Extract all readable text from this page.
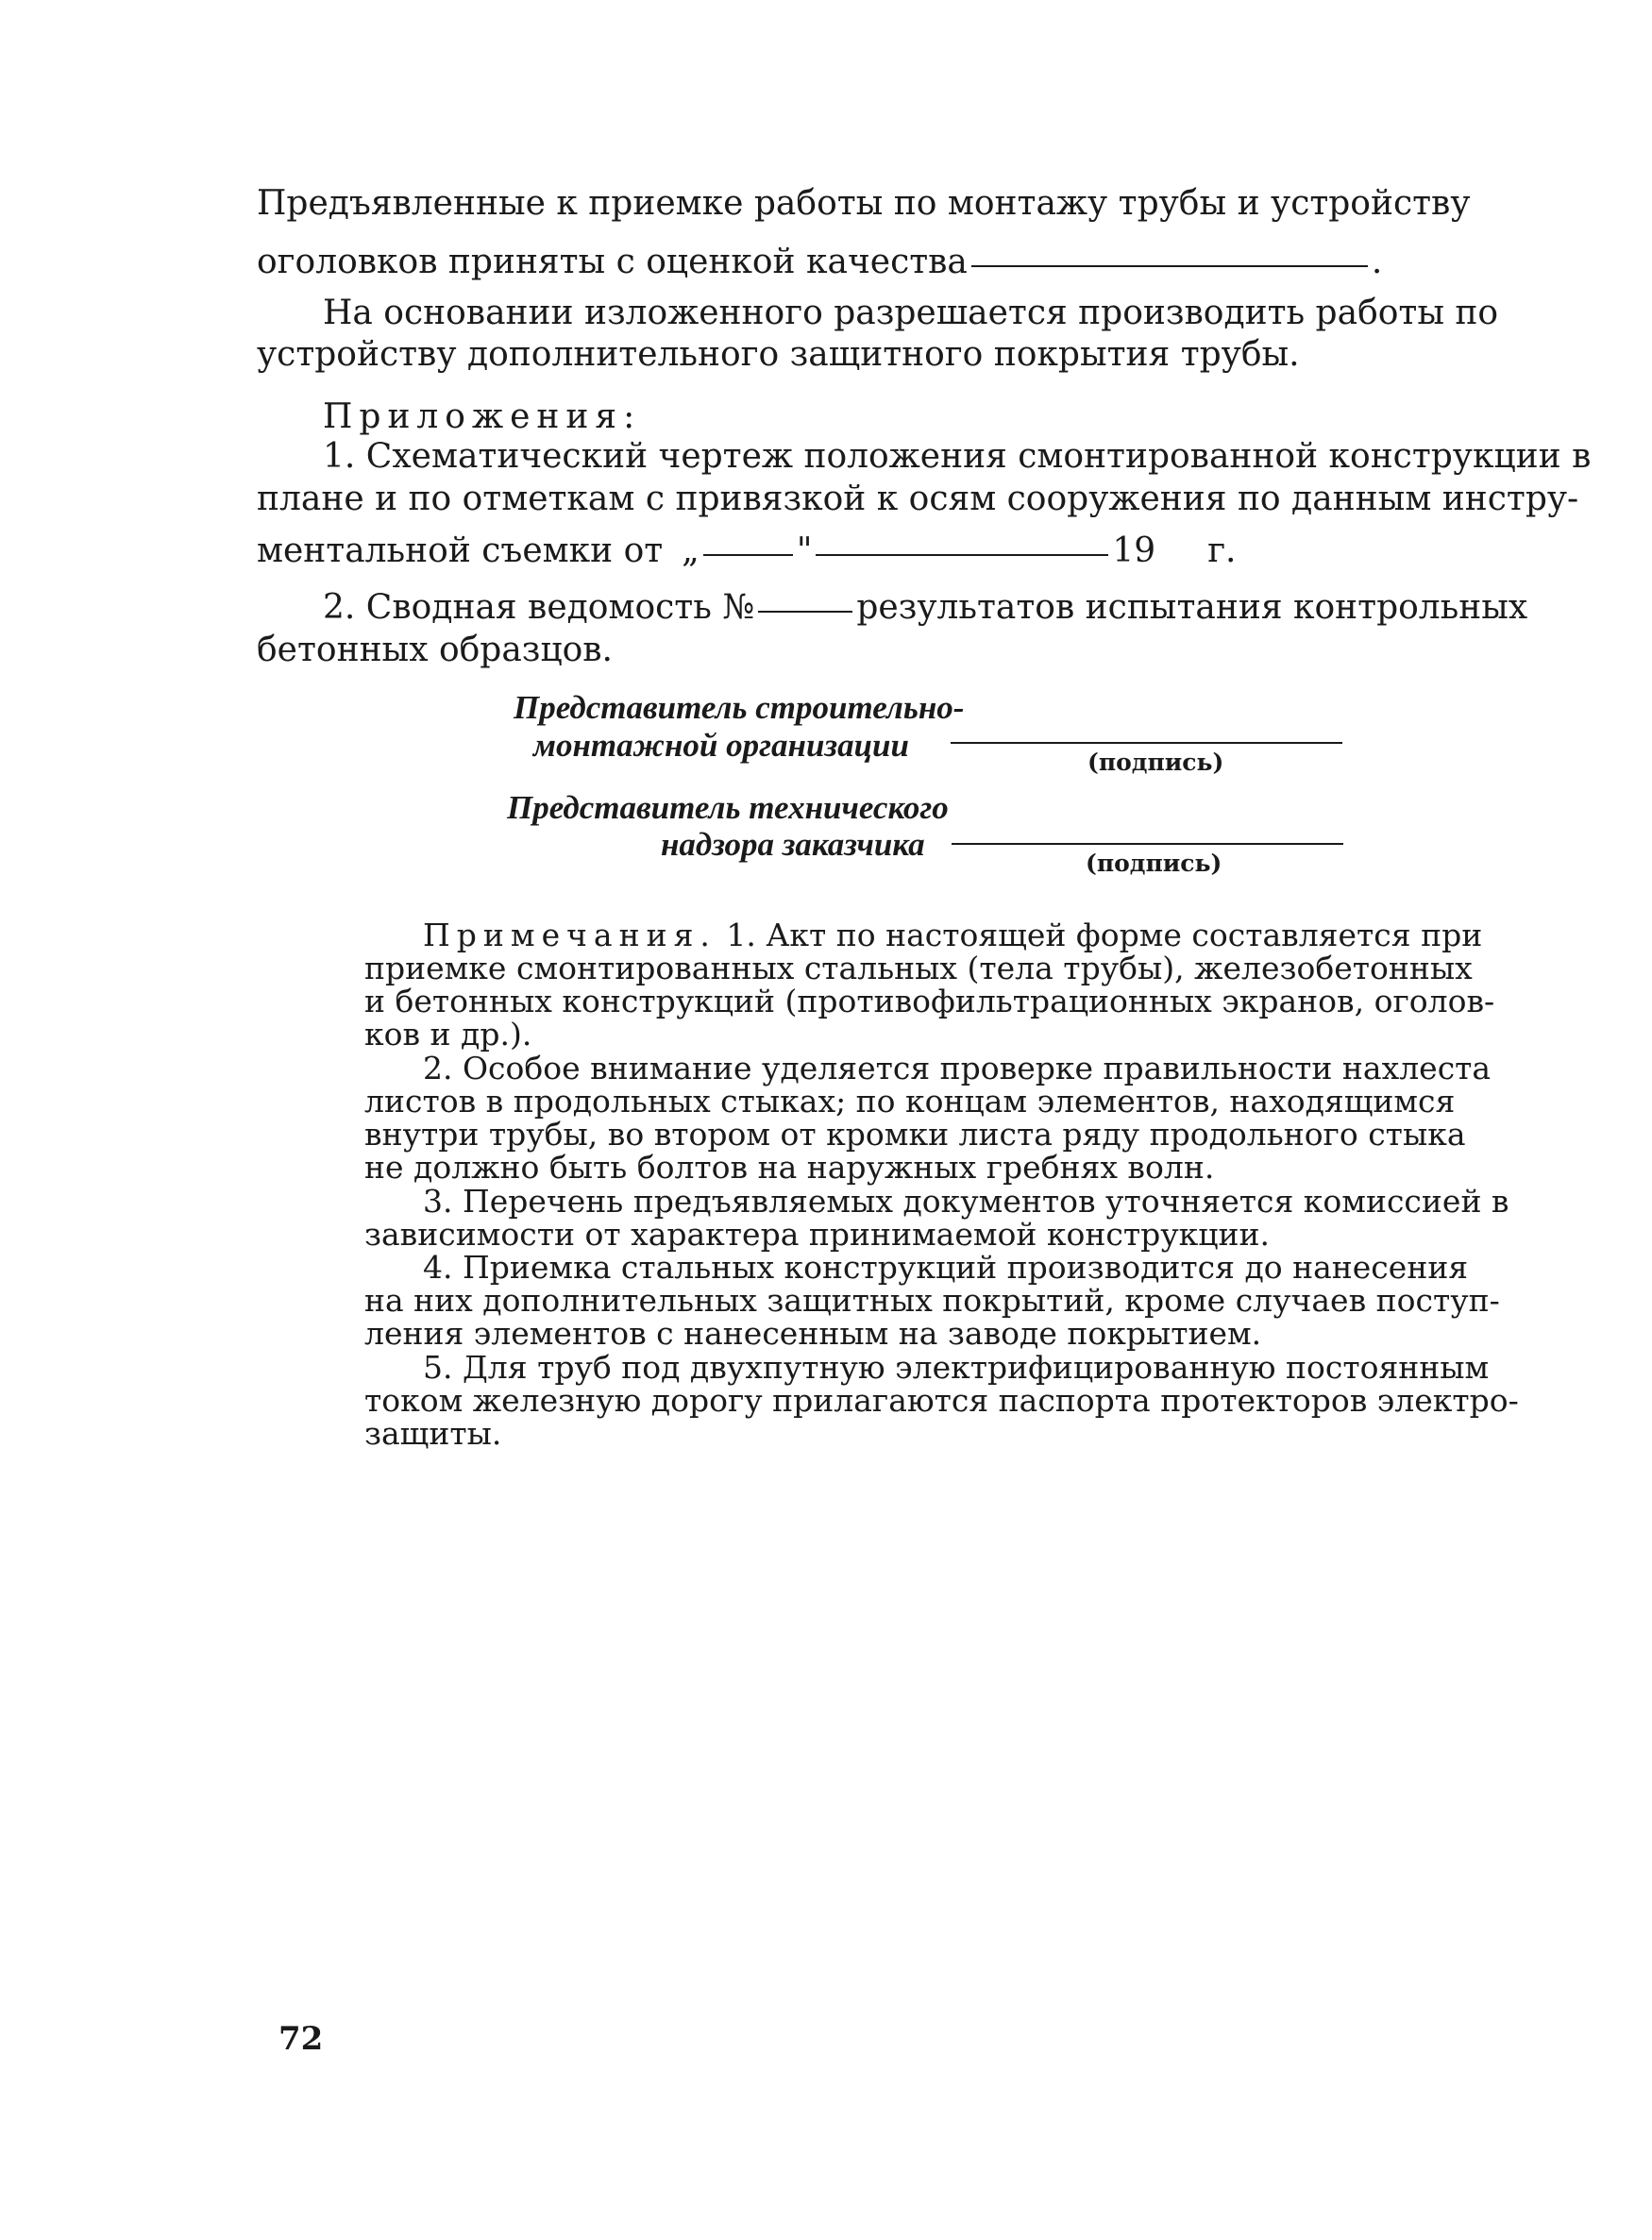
Предъявленные к приемке работы по монтажу трубы и устройству
оголовков приняты с оценкой качества	.
На основании изложенного разрешается производить работы по
устройству дополнительного защитного покрытия трубы.
Приложения:
1. Схематический чертеж положения смонтированной конструкции в
плане и по отметкам с привязкой к осям сооружения по данным инстру-
ментальной съемки от „	"	19 г.
2. Сводная ведомость №	результатов испытания контрольных
бетонных образцов.
Представитель строительно-
монтажной организации	(подпись)
Представитель технического
надзора заказчика
(подпись)
Примечания. 1. Акт по настоящей форме составляется при
приемке смонтированных стальных (тела трубы), железобетонных
и бетонных конструкций (противофильтрационных экранов, оголов-
ков и др.).
2. Особое внимание уделяется проверке правильности нахлеста
листов в продольных стыках; по концам элементов, находящимся
внутри трубы, во втором от кромки листа ряду продольного стыка
не должно быть болтов на наружных гребнях волн.
3. Перечень предъявляемых документов уточняется комиссией в
зависимости от характера принимаемой конструкции.
4. Приемка стальных конструкций производится до нанесения
на них дополнительных защитных покрытий, кроме случаев поступ-
ления элементов с нанесенным на заводе покрытием.
5. Для труб под двухпутную электрифицированную постоянным
током железную дорогу прилагаются паспорта протекторов электро-
защиты.
72
